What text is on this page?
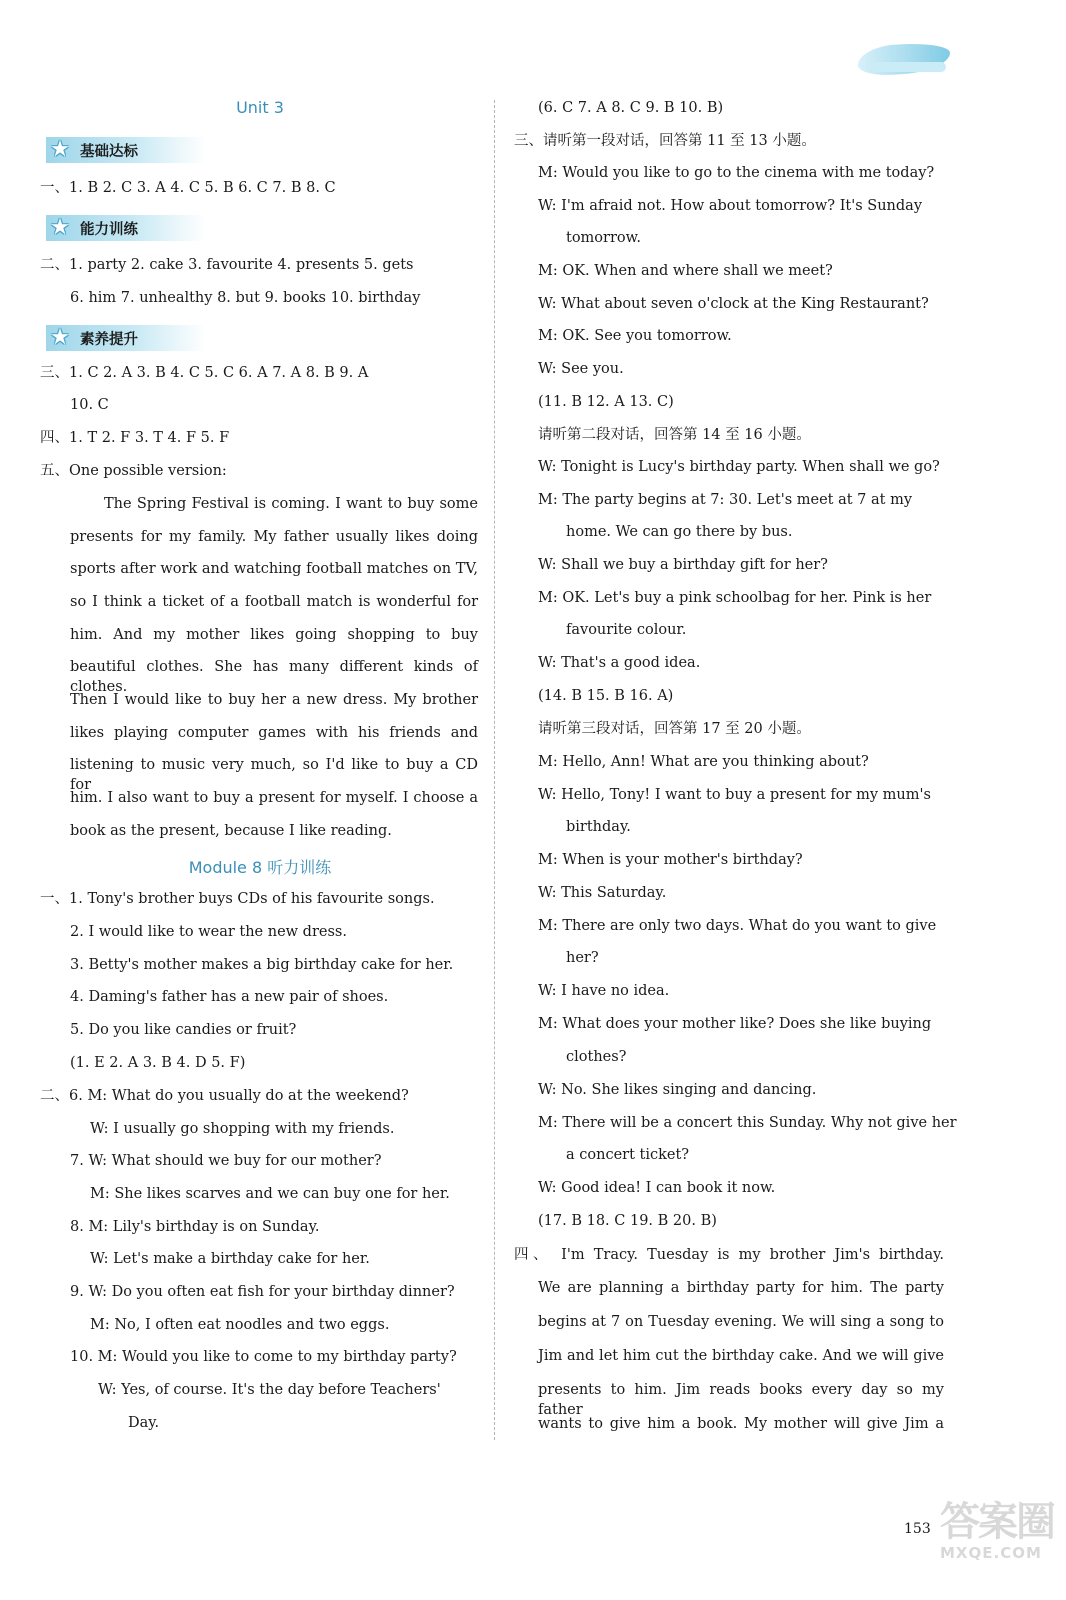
Unit 3
★ 基础达标
一、1. B 2. C 3. A 4. C 5. B 6. C 7. B 8. C
★ 能力训练
二、1. party 2. cake 3. favourite 4. presents 5. gets
6. him 7. unhealthy 8. but 9. books 10. birthday
★ 素养提升
三、1. C 2. A 3. B 4. C 5. C 6. A 7. A 8. B 9. A
10. C
四、1. T 2. F 3. T 4. F 5. F
五、One possible version:
The Spring Festival is coming. I want to buy some
presents for my family. My father usually likes doing
sports after work and watching football matches on TV,
so I think a ticket of a football match is wonderful for
him. And my mother likes going shopping to buy
beautiful clothes. She has many different kinds of clothes.
Then I would like to buy her a new dress. My brother
likes playing computer games with his friends and
listening to music very much, so I'd like to buy a CD for
him. I also want to buy a present for myself. I choose a
book as the present, because I like reading.
Module 8 听力训练
一、1. Tony's brother buys CDs of his favourite songs.
2. I would like to wear the new dress.
3. Betty's mother makes a big birthday cake for her.
4. Daming's father has a new pair of shoes.
5. Do you like candies or fruit?
(1. E 2. A 3. B 4. D 5. F)
二、6. M: What do you usually do at the weekend?
W: I usually go shopping with my friends.
7. W: What should we buy for our mother?
M: She likes scarves and we can buy one for her.
8. M: Lily's birthday is on Sunday.
W: Let's make a birthday cake for her.
9. W: Do you often eat fish for your birthday dinner?
M: No, I often eat noodles and two eggs.
10. M: Would you like to come to my birthday party?
W: Yes, of course. It's the day before Teachers'
Day.
(6. C 7. A 8. C 9. B 10. B)
三、请听第一段对话，回答第 11 至 13 小题。
M: Would you like to go to the cinema with me today?
W: I'm afraid not. How about tomorrow? It's Sunday
tomorrow.
M: OK. When and where shall we meet?
W: What about seven o'clock at the King Restaurant?
M: OK. See you tomorrow.
W: See you.
(11. B 12. A 13. C)
请听第二段对话，回答第 14 至 16 小题。
W: Tonight is Lucy's birthday party. When shall we go?
M: The party begins at 7: 30. Let's meet at 7 at my
home. We can go there by bus.
W: Shall we buy a birthday gift for her?
M: OK. Let's buy a pink schoolbag for her. Pink is her
favourite colour.
W: That's a good idea.
(14. B 15. B 16. A)
请听第三段对话，回答第 17 至 20 小题。
M: Hello, Ann! What are you thinking about?
W: Hello, Tony! I want to buy a present for my mum's
birthday.
M: When is your mother's birthday?
W: This Saturday.
M: There are only two days. What do you want to give
her?
W: I have no idea.
M: What does your mother like? Does she like buying
clothes?
W: No. She likes singing and dancing.
M: There will be a concert this Sunday. Why not give her
a concert ticket?
W: Good idea! I can book it now.
(17. B 18. C 19. B 20. B)
四、 I'm Tracy. Tuesday is my brother Jim's birthday.
We are planning a birthday party for him. The party
begins at 7 on Tuesday evening. We will sing a song to
Jim and let him cut the birthday cake. And we will give
presents to him. Jim reads books every day so my father
wants to give him a book. My mother will give Jim a
153 答案圈
MXQE.COM
